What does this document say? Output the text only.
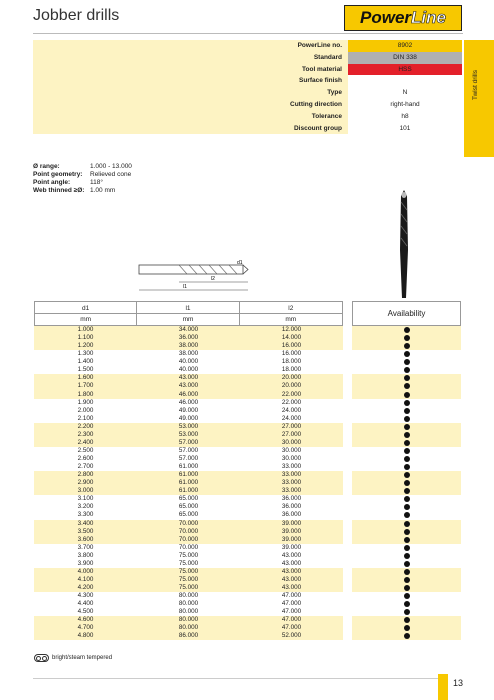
Jobber drills	Power Line
PowerLine no.	8902
Standard	DIN 338
Tool material	HSS
Surface finish
Type	N
Cutting direction	right-hand
Tolerance	h8
Discount group	101
Twist drills
Ø range:	1.000 - 13.000
Point geometry: Relieved cone
Point angle:	118°
Web thinned ≥Ø: 1.00 mm
l2
l1
d1
d1	l1	l2
mm	mm	mm
1.000	34.000	12.000
1.100	36.000	14.000
1.200	38.000	16.000
1.300	38.000	16.000
1.400	40.000	18.000
1.500	40.000	18.000
1.600	43.000	20.000
1.700	43.000	20.000
1.800	46.000	22.000
1.900	46.000	22.000
2.000	49.000	24.000
2.100	49.000	24.000
2.200	53.000	27.000
2.300	53.000	27.000
2.400	57.000	30.000
2.500	57.000	30.000
2.600	57.000	30.000
2.700	61.000	33.000
2.800	61.000	33.000
2.900	61.000	33.000
3.000	61.000	33.000
3.100	65.000	36.000
3.200	65.000	36.000
3.300	65.000	36.000
3.400	70.000	39.000
3.500	70.000	39.000
3.600	70.000	39.000
3.700	70.000	39.000
3.800	75.000	43.000
3.900	75.000	43.000
4.000	75.000	43.000
4.100	75.000	43.000
4.200	75.000	43.000
4.300	80.000	47.000
4.400	80.000	47.000
4.500	80.000	47.000
4.600	80.000	47.000
4.700	80.000	47.000
4.800	86.000	52.000
Availability
bright/steam tempered
13
